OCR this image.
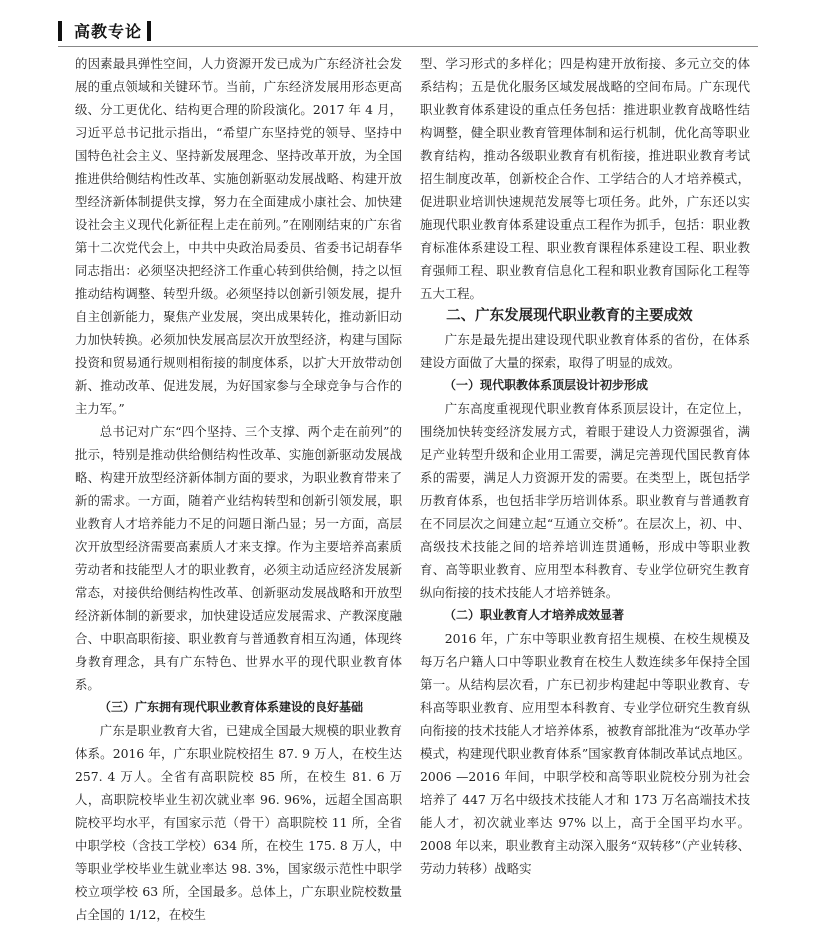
高教专论

的因素最具弹性空间，人力资源开发已成为广东经济社会发展的重点领域和关键环节。当前，广东经济发展用形态更高级、分工更优化、结构更合理的阶段演化。2017 年 4 月，习近平总书记批示指出，“希望广东坚持党的领导、坚持中国特色社会主义、坚持新发展理念、坚持改革开放，为全国推进供给侧结构性改革、实施创新驱动发展战略、构建开放型经济新体制提供支撑，努力在全面建成小康社会、加快建设社会主义现代化新征程上走在前列。”在刚刚结束的广东省第十二次党代会上，中共中央政治局委员、省委书记胡春华同志指出：必须坚决把经济工作重心转到供给侧，持之以恒推动结构调整、转型升级。必须坚持以创新引领发展，提升自主创新能力，聚焦产业发展，突出成果转化，推动新旧动力加快转换。必须加快发展高层次开放型经济，构建与国际投资和贸易通行规则相衔接的制度体系，以扩大开放带动创新、推动改革、促进发展，为好国家参与全球竞争与合作的主力军。”

总书记对广东“四个坚持、三个支撑、两个走在前列”的批示，特别是推动供给侧结构性改革、实施创新驱动发展战略、构建开放型经济新体制方面的要求，为职业教育带来了新的需求。一方面，随着产业结构转型和创新引领发展，职业教育人才培养能力不足的问题日渐凸显；另一方面，高层次开放型经济需要高素质人才来支撑。作为主要培养高素质劳动者和技能型人才的职业教育，必须主动适应经济发展新常态，对接供给侧结构性改革、创新驱动发展战略和开放型经济新体制的新要求，加快建设适应发展需求、产教深度融合、中职高职衔接、职业教育与普通教育相互沟通，体现终身教育理念，具有广东特色、世界水平的现代职业教育体系。

（三）广东拥有现代职业教育体系建设的良好基础

广东是职业教育大省，已建成全国最大规模的职业教育体系。2016 年，广东职业院校招生 87. 9 万人，在校生达 257. 4 万人。全省有高职院校 85 所，在校生 81. 6 万人，高职院校毕业生初次就业率 96. 96%，远超全国高职院校平均水平，有国家示范（骨干）高职院校 11 所，全省中职学校（含技工学校）634 所，在校生 175. 8 万人，中等职业学校毕业生就业率达 98. 3%，国家级示范性中职学校立项学校 63 所，全国最多。总体上，广东职业院校数量占全国的 1/12，在校生

型、学习形式的多样化；四是构建开放衔接、多元立交的体系结构；五是优化服务区域发展战略的空间布局。广东现代职业教育体系建设的重点任务包括：推进职业教育战略性结构调整，健全职业教育管理体制和运行机制，优化高等职业教育结构，推动各级职业教育有机衔接，推进职业教育考试招生制度改革，创新校企合作、工学结合的人才培养模式，促进职业培训快速规范发展等七项任务。此外，广东还以实施现代职业教育体系建设重点工程作为抓手，包括：职业教育标准体系建设工程、职业教育课程体系建设工程、职业教育强师工程、职业教育信息化工程和职业教育国际化工程等五大工程。

二、广东发展现代职业教育的主要成效

广东是最先提出建设现代职业教育体系的省份，在体系建设方面做了大量的探索，取得了明显的成效。

（一）现代职教体系顶层设计初步形成

广东高度重视现代职业教育体系顶层设计，在定位上，围绕加快转变经济发展方式，着眼于建设人力资源强省，满足产业转型升级和企业用工需要，满足完善现代国民教育体系的需要，满足人力资源开发的需要。在类型上，既包括学历教育体系，也包括非学历培训体系。职业教育与普通教育在不同层次之间建立起“互通立交桥”。在层次上，初、中、高级技术技能之间的培养培训连贯通畅，形成中等职业教育、高等职业教育、应用型本科教育、专业学位研究生教育纵向衔接的技术技能人才培养链条。

（二）职业教育人才培养成效显著

2016 年，广东中等职业教育招生规模、在校生规模及每万名户籍人口中等职业教育在校生人数连续多年保持全国第一。从结构层次看，广东已初步构建起中等职业教育、专科高等职业教育、应用型本科教育、专业学位研究生教育纵向衔接的技术技能人才培养体系，被教育部批准为“改革办学模式，构建现代职业教育体系”国家教育体制改革试点地区。2006 —2016 年间，中职学校和高等职业院校分别为社会培养了 447 万名中级技术技能人才和 173 万名高端技术技能人才，初次就业率达 97% 以上，高于全国平均水平。2008 年以来，职业教育主动深入服务“双转移”（产业转移、劳动力转移）战略实
